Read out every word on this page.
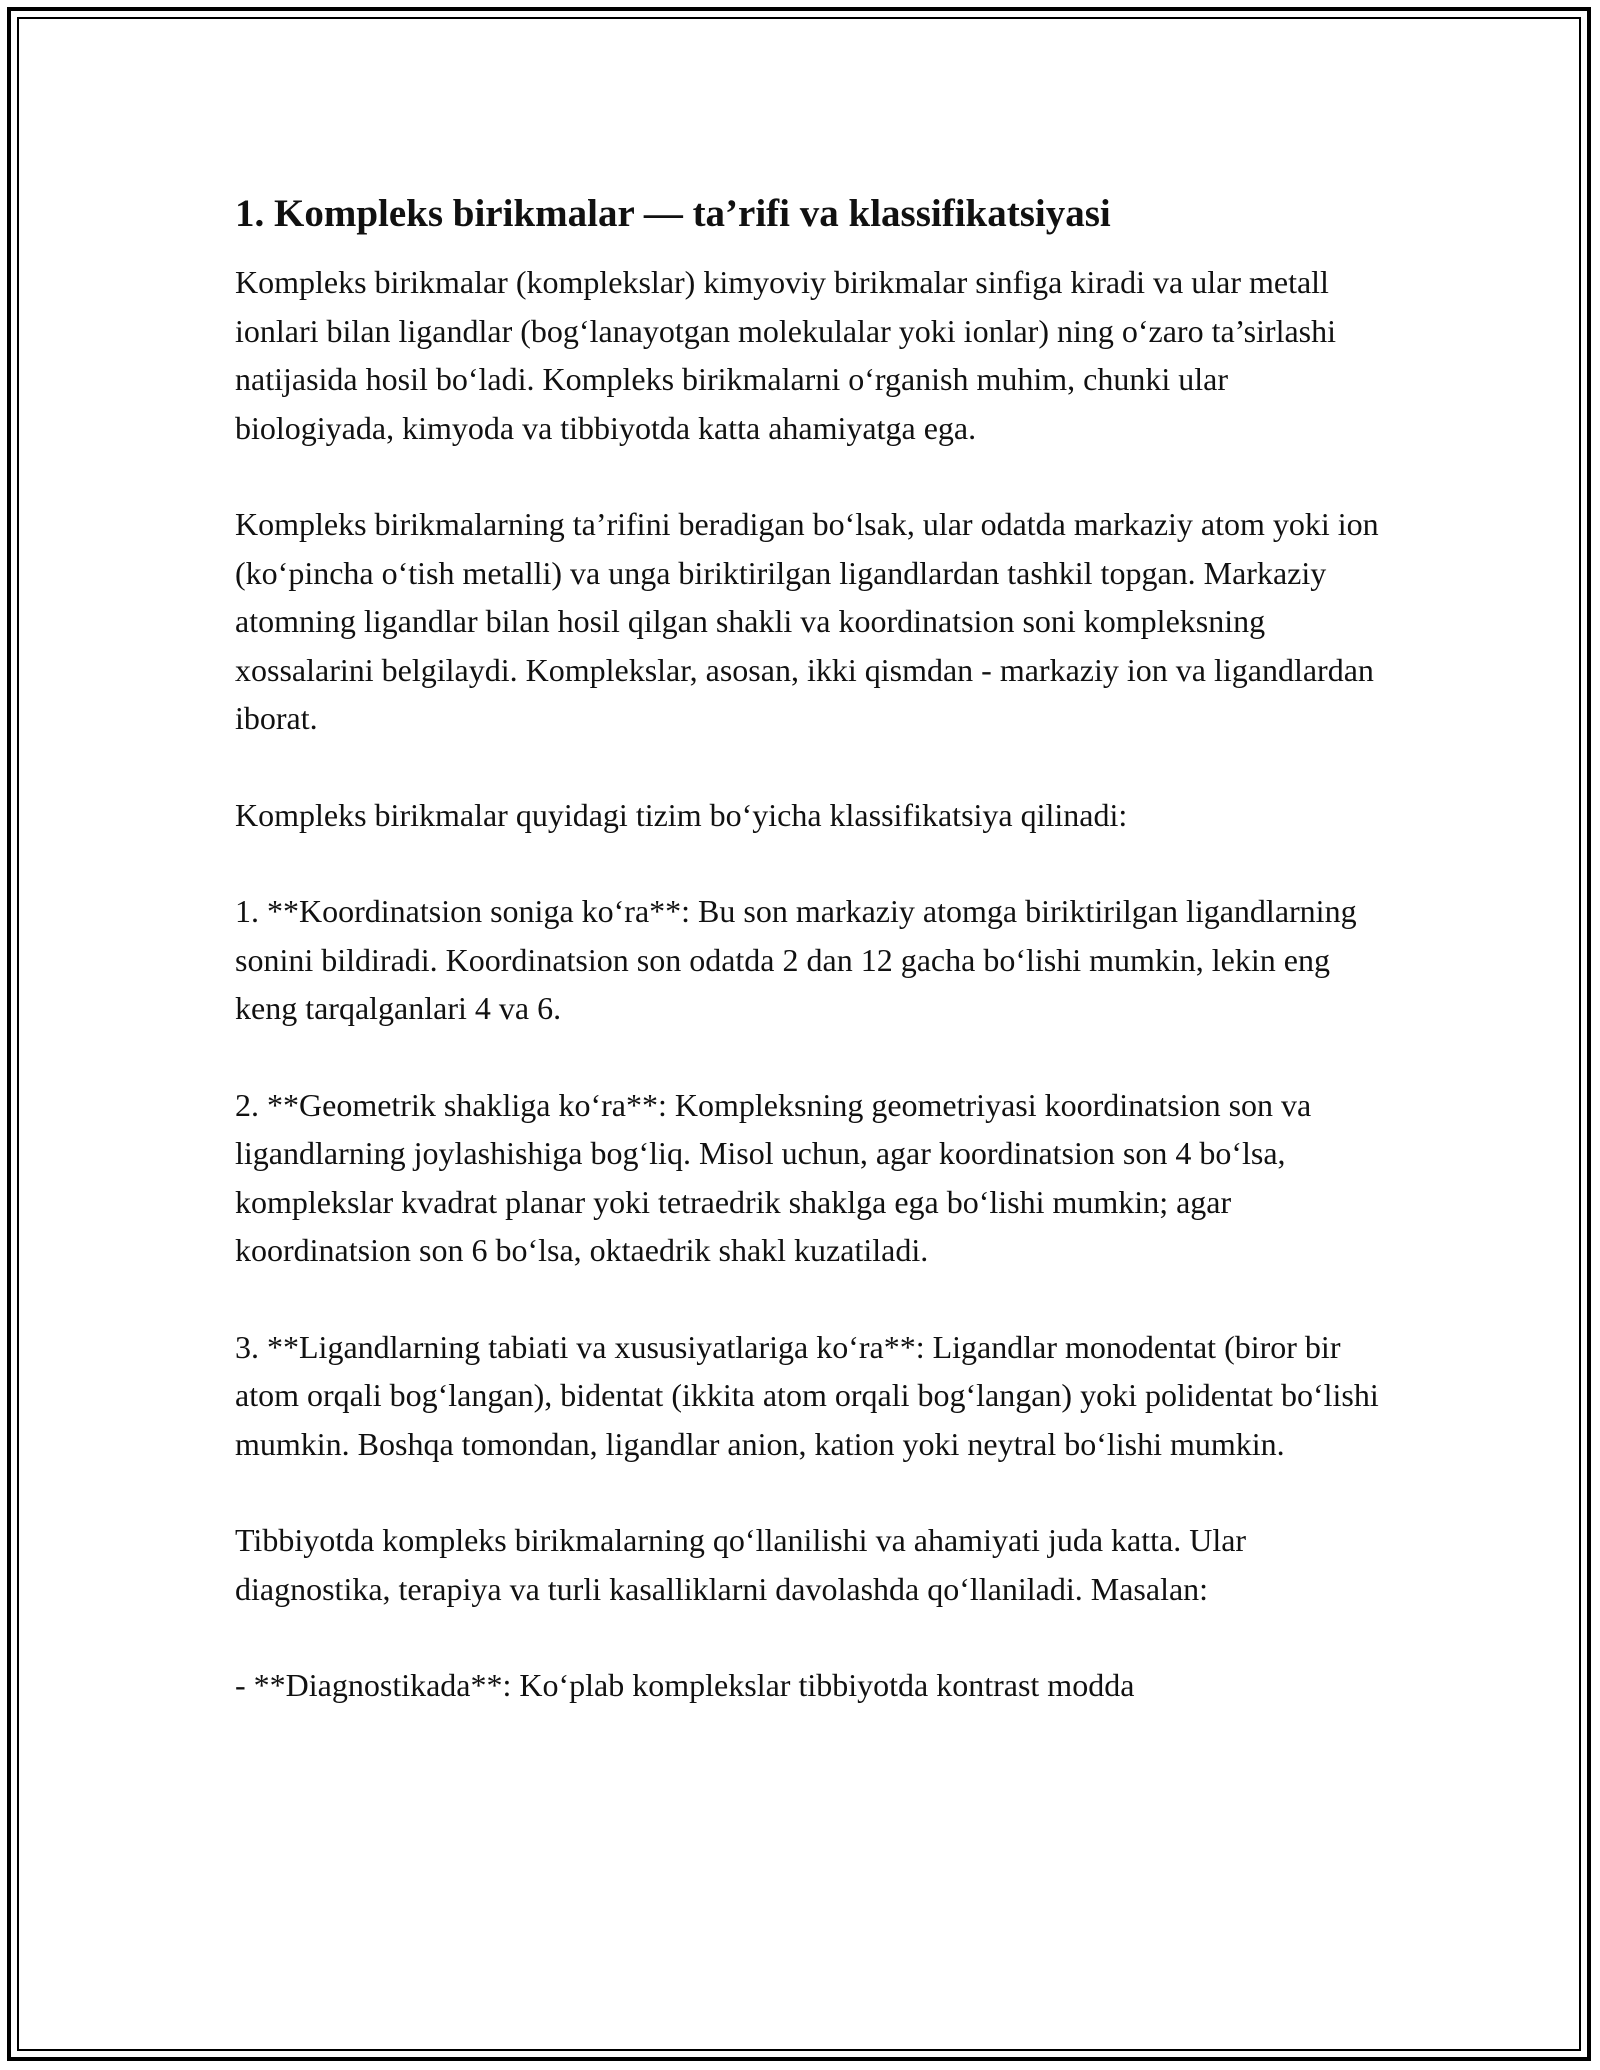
1. Kompleks birikmalar — ta’rifi va klassifikatsiyasi

Kompleks birikmalar (komplekslar) kimyoviy birikmalar sinfiga kiradi va ular metall ionlari bilan ligandlar (bog‘lanayotgan molekulalar yoki ionlar) ning o‘zaro ta’sirlashi natijasida hosil bo‘ladi. Kompleks birikmalarni o‘rganish muhim, chunki ular biologiyada, kimyoda va tibbiyotda katta ahamiyatga ega.

Kompleks birikmalarning ta’rifini beradigan bo‘lsak, ular odatda markaziy atom yoki ion (ko‘pincha o‘tish metalli) va unga biriktirilgan ligandlardan tashkil topgan. Markaziy atomning ligandlar bilan hosil qilgan shakli va koordinatsion soni kompleksning xossalarini belgilaydi. Komplekslar, asosan, ikki qismdan - markaziy ion va ligandlardan iborat.

Kompleks birikmalar quyidagi tizim bo‘yicha klassifikatsiya qilinadi:

1. **Koordinatsion soniga ko‘ra**: Bu son markaziy atomga biriktirilgan ligandlarning sonini bildiradi. Koordinatsion son odatda 2 dan 12 gacha bo‘lishi mumkin, lekin eng keng tarqalganlari 4 va 6.

2. **Geometrik shakliga ko‘ra**: Kompleksning geometriyasi koordinatsion son va ligandlarning joylashishiga bog‘liq. Misol uchun, agar koordinatsion son 4 bo‘lsa, komplekslar kvadrat planar yoki tetraedrik shaklga ega bo‘lishi mumkin; agar koordinatsion son 6 bo‘lsa, oktaedrik shakl kuzatiladi.

3. **Ligandlarning tabiati va xususiyatlariga ko‘ra**: Ligandlar monodentat (biror bir atom orqali bog‘langan), bidentat (ikkita atom orqali bog‘langan) yoki polidentat bo‘lishi mumkin. Boshqa tomondan, ligandlar anion, kation yoki neytral bo‘lishi mumkin.

Tibbiyotda kompleks birikmalarning qo‘llanilishi va ahamiyati juda katta. Ular diagnostika, terapiya va turli kasalliklarni davolashda qo‘llaniladi. Masalan:

- **Diagnostikada**: Ko‘plab komplekslar tibbiyotda kontrast modda
